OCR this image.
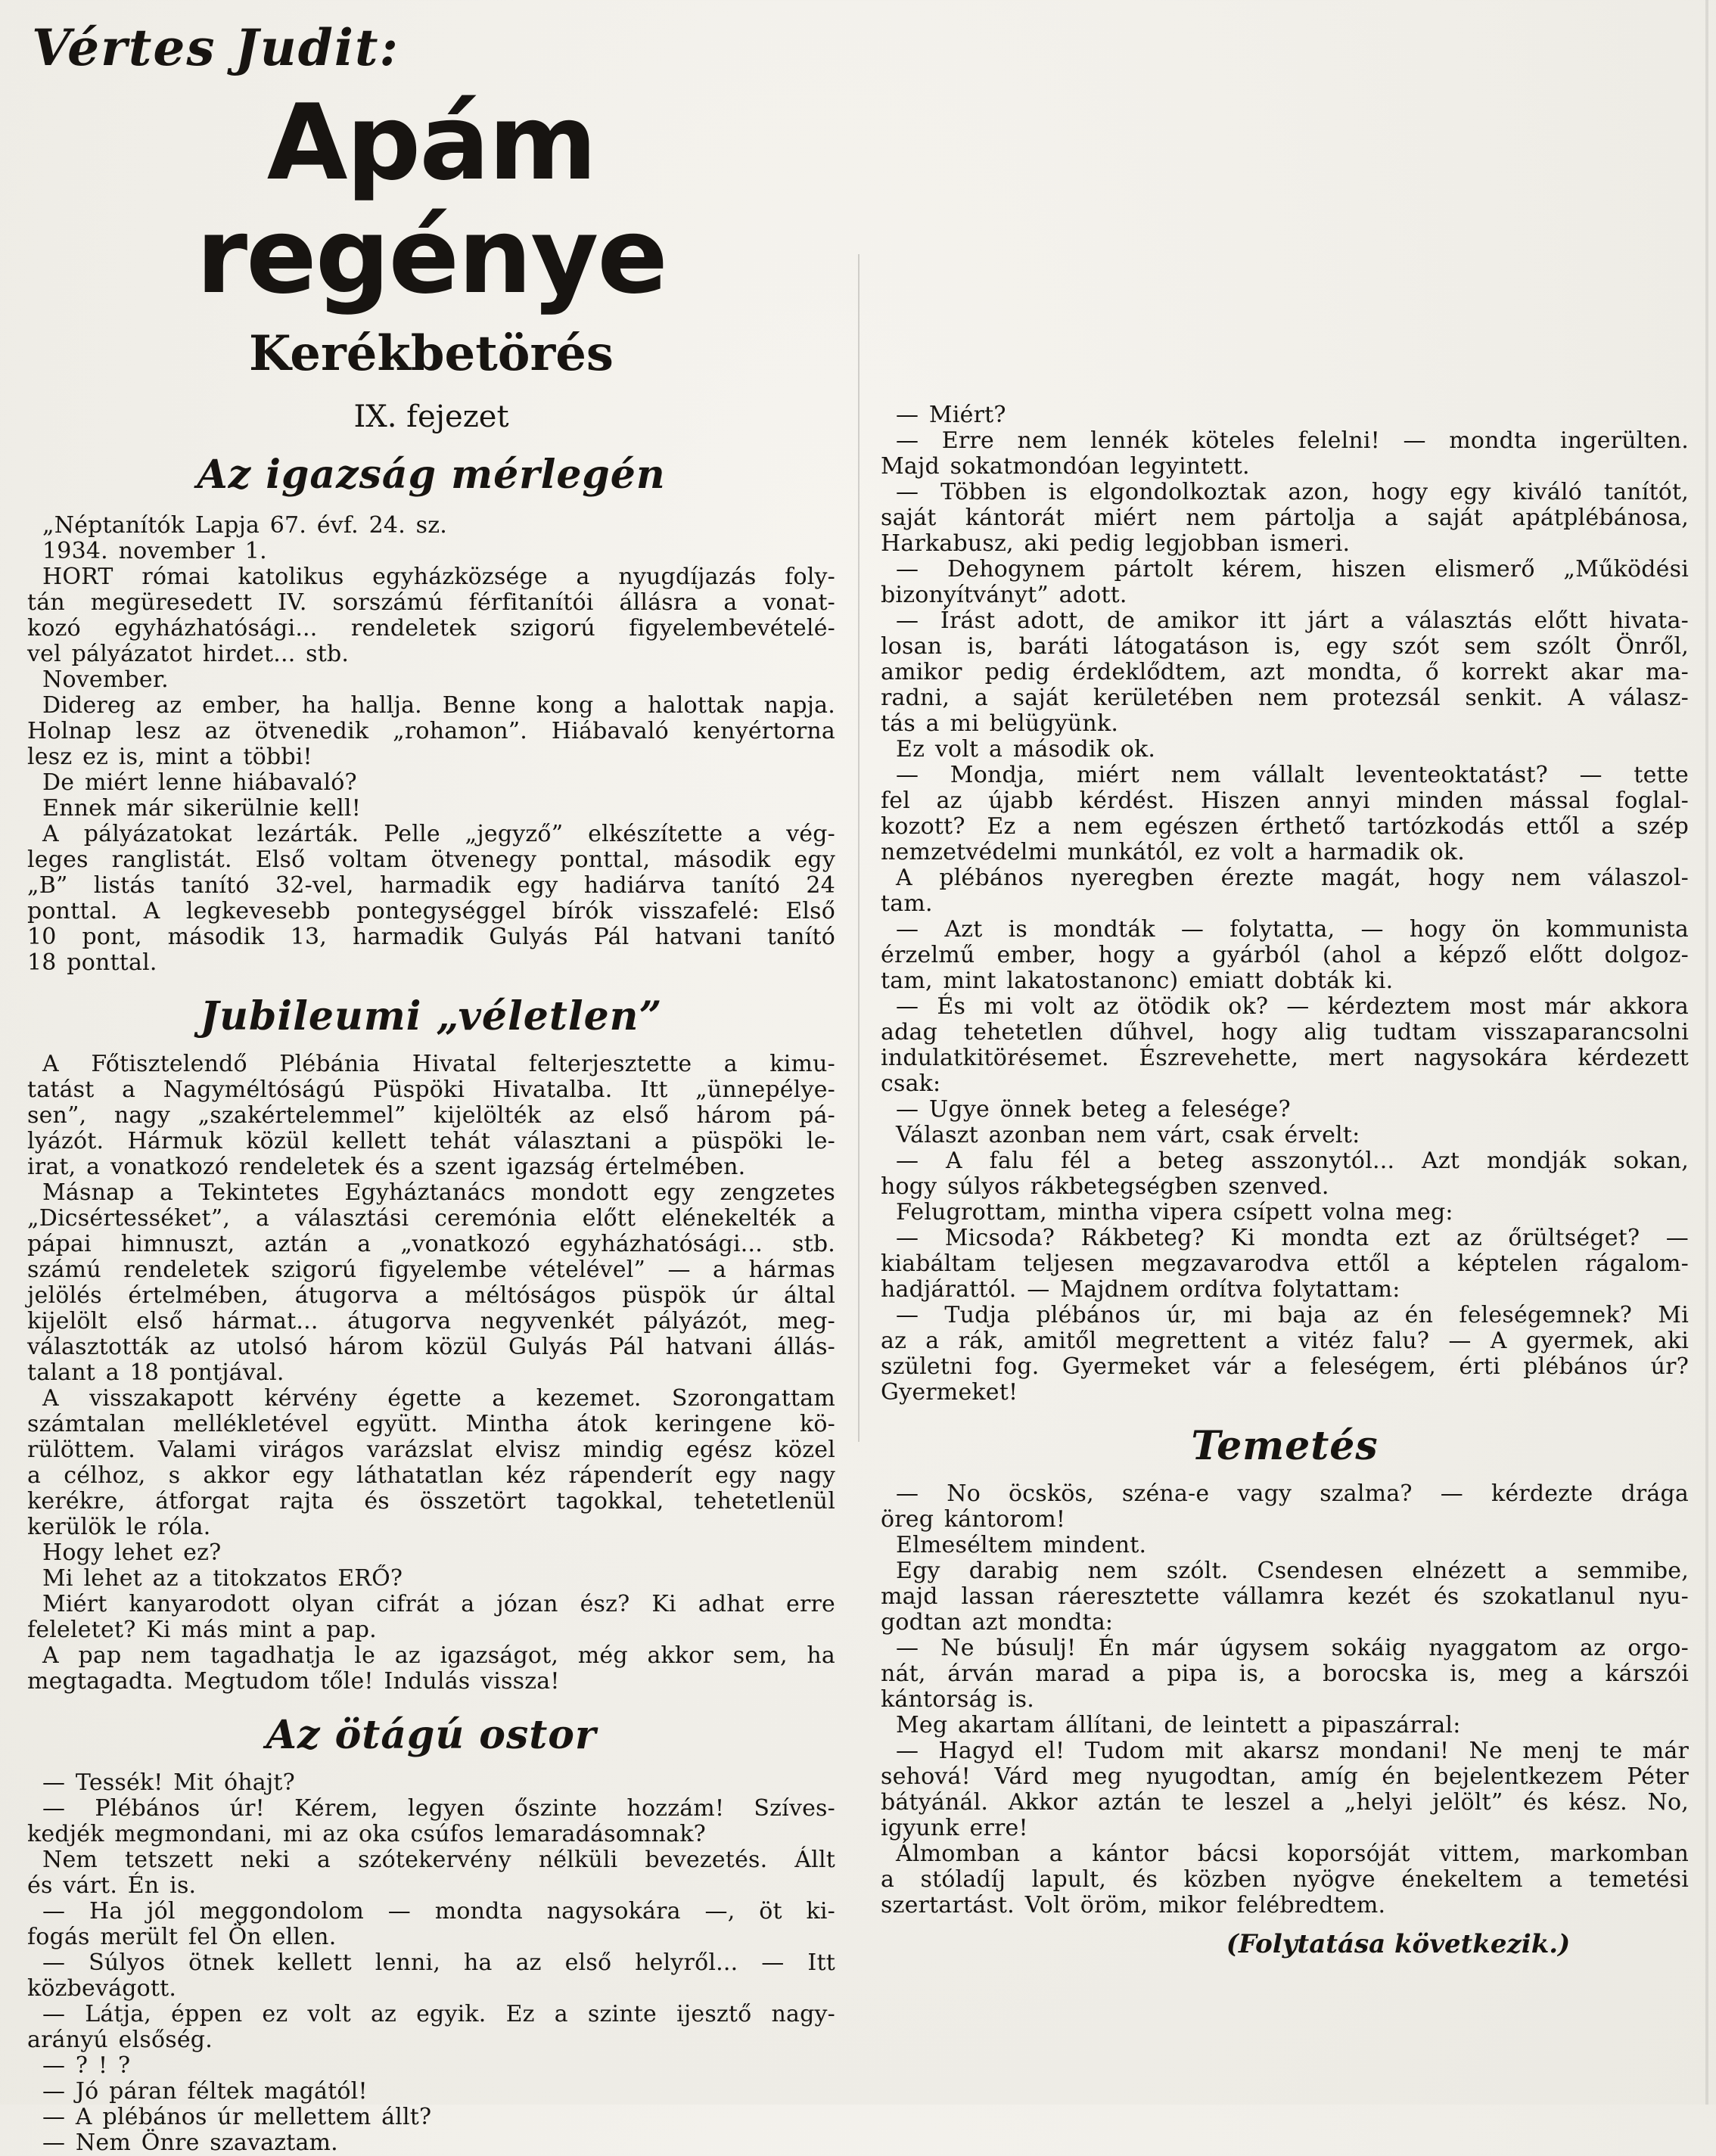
Vértes Judit:
Apám regénye
Kerékbetörés
IX. fejezet
Az igazság mérlegén
„Néptanítók Lapja 67. évf. 24. sz.
1934. november 1.
HORT római katolikus egyházközsége a nyugdíjazás foly-
tán megüresedett IV. sorszámú férfitanítói állásra a vonat-
kozó egyházhatósági... rendeletek szigorú figyelembevételé-
vel pályázatot hirdet... stb.
November.
Didereg az ember, ha hallja. Benne kong a halottak napja.
Holnap lesz az ötvenedik „rohamon”. Hiábavaló kenyértorna
lesz ez is, mint a többi!
De miért lenne hiábavaló?
Ennek már sikerülnie kell!
A pályázatokat lezárták. Pelle „jegyző” elkészítette a vég-
leges ranglistát. Első voltam ötvenegy ponttal, második egy
„B” listás tanító 32-vel, harmadik egy hadiárva tanító 24
ponttal. A legkevesebb pontegységgel bírók visszafelé: Első
10 pont, második 13, harmadik Gulyás Pál hatvani tanító
18 ponttal.
Jubileumi „véletlen”
A Főtisztelendő Plébánia Hivatal felterjesztette a kimu-
tatást a Nagyméltóságú Püspöki Hivatalba. Itt „ünnepélye-
sen”, nagy „szakértelemmel” kijelölték az első három pá-
lyázót. Hármuk közül kellett tehát választani a püspöki le-
irat, a vonatkozó rendeletek és a szent igazság értelmében.
Másnap a Tekintetes Egyháztanács mondott egy zengzetes
„Dicsértesséket”, a választási ceremónia előtt elénekelték a
pápai himnuszt, aztán a „vonatkozó egyházhatósági... stb.
számú rendeletek szigorú figyelembe vételével” — a hármas
jelölés értelmében, átugorva a méltóságos püspök úr által
kijelölt első hármat... átugorva negyvenkét pályázót, meg-
választották az utolsó három közül Gulyás Pál hatvani állás-
talant a 18 pontjával.
A visszakapott kérvény égette a kezemet. Szorongattam
számtalan mellékletével együtt. Mintha átok keringene kö-
rülöttem. Valami virágos varázslat elvisz mindig egész közel
a célhoz, s akkor egy láthatatlan kéz rápenderít egy nagy
kerékre, átforgat rajta és összetört tagokkal, tehetetlenül
kerülök le róla.
Hogy lehet ez?
Mi lehet az a titokzatos ERŐ?
Miért kanyarodott olyan cifrát a józan ész? Ki adhat erre
feleletet? Ki más mint a pap.
A pap nem tagadhatja le az igazságot, még akkor sem, ha
megtagadta. Megtudom tőle! Indulás vissza!
Az ötágú ostor
— Tessék! Mit óhajt?
— Plébános úr! Kérem, legyen őszinte hozzám! Szíves-
kedjék megmondani, mi az oka csúfos lemaradásomnak?
Nem tetszett neki a szótekervény nélküli bevezetés. Állt
és várt. Én is.
— Ha jól meggondolom — mondta nagysokára —, öt ki-
fogás merült fel Ön ellen.
— Súlyos ötnek kellett lenni, ha az első helyről... — Itt
közbevágott.
— Látja, éppen ez volt az egyik. Ez a szinte ijesztő nagy-
arányú elsőség.
— ? ! ?
— Jó páran féltek magától!
— A plébános úr mellettem állt?
— Nem Önre szavaztam.
— Miért?
— Erre nem lennék köteles felelni! — mondta ingerülten.
Majd sokatmondóan legyintett.
— Többen is elgondolkoztak azon, hogy egy kiváló tanítót,
saját kántorát miért nem pártolja a saját apátplébánosa,
Harkabusz, aki pedig legjobban ismeri.
— Dehogynem pártolt kérem, hiszen elismerő „Működési
bizonyítványt” adott.
— Írást adott, de amikor itt járt a választás előtt hivata-
losan is, baráti látogatáson is, egy szót sem szólt Önről,
amikor pedig érdeklődtem, azt mondta, ő korrekt akar ma-
radni, a saját kerületében nem protezsál senkit. A válasz-
tás a mi belügyünk.
Ez volt a második ok.
— Mondja, miért nem vállalt leventeoktatást? — tette
fel az újabb kérdést. Hiszen annyi minden mással foglal-
kozott? Ez a nem egészen érthető tartózkodás ettől a szép
nemzetvédelmi munkától, ez volt a harmadik ok.
A plébános nyeregben érezte magát, hogy nem válaszol-
tam.
— Azt is mondták — folytatta, — hogy ön kommunista
érzelmű ember, hogy a gyárból (ahol a képző előtt dolgoz-
tam, mint lakatostanonc) emiatt dobták ki.
— És mi volt az ötödik ok? — kérdeztem most már akkora
adag tehetetlen dűhvel, hogy alig tudtam visszaparancsolni
indulatkitörésemet. Észrevehette, mert nagysokára kérdezett
csak:
— Ugye önnek beteg a felesége?
Választ azonban nem várt, csak érvelt:
— A falu fél a beteg asszonytól... Azt mondják sokan,
hogy súlyos rákbetegségben szenved.
Felugrottam, mintha vipera csípett volna meg:
— Micsoda? Rákbeteg? Ki mondta ezt az őrültséget? —
kiabáltam teljesen megzavarodva ettől a képtelen rágalom-
hadjárattól. — Majdnem ordítva folytattam:
— Tudja plébános úr, mi baja az én feleségemnek? Mi
az a rák, amitől megrettent a vitéz falu? — A gyermek, aki
születni fog. Gyermeket vár a feleségem, érti plébános úr?
Gyermeket!
Temetés
— No öcskös, széna-e vagy szalma? — kérdezte drága
öreg kántorom!
Elmeséltem mindent.
Egy darabig nem szólt. Csendesen elnézett a semmibe,
majd lassan ráeresztette vállamra kezét és szokatlanul nyu-
godtan azt mondta:
— Ne búsulj! Én már úgysem sokáig nyaggatom az orgo-
nát, árván marad a pipa is, a borocska is, meg a kárszói
kántorság is.
Meg akartam állítani, de leintett a pipaszárral:
— Hagyd el! Tudom mit akarsz mondani! Ne menj te már
sehová! Várd meg nyugodtan, amíg én bejelentkezem Péter
bátyánál. Akkor aztán te leszel a „helyi jelölt” és kész. No,
igyunk erre!
Álmomban a kántor bácsi koporsóját vittem, markomban
a stóladíj lapult, és közben nyögve énekeltem a temetési
szertartást. Volt öröm, mikor felébredtem.
(Folytatása következik.)
